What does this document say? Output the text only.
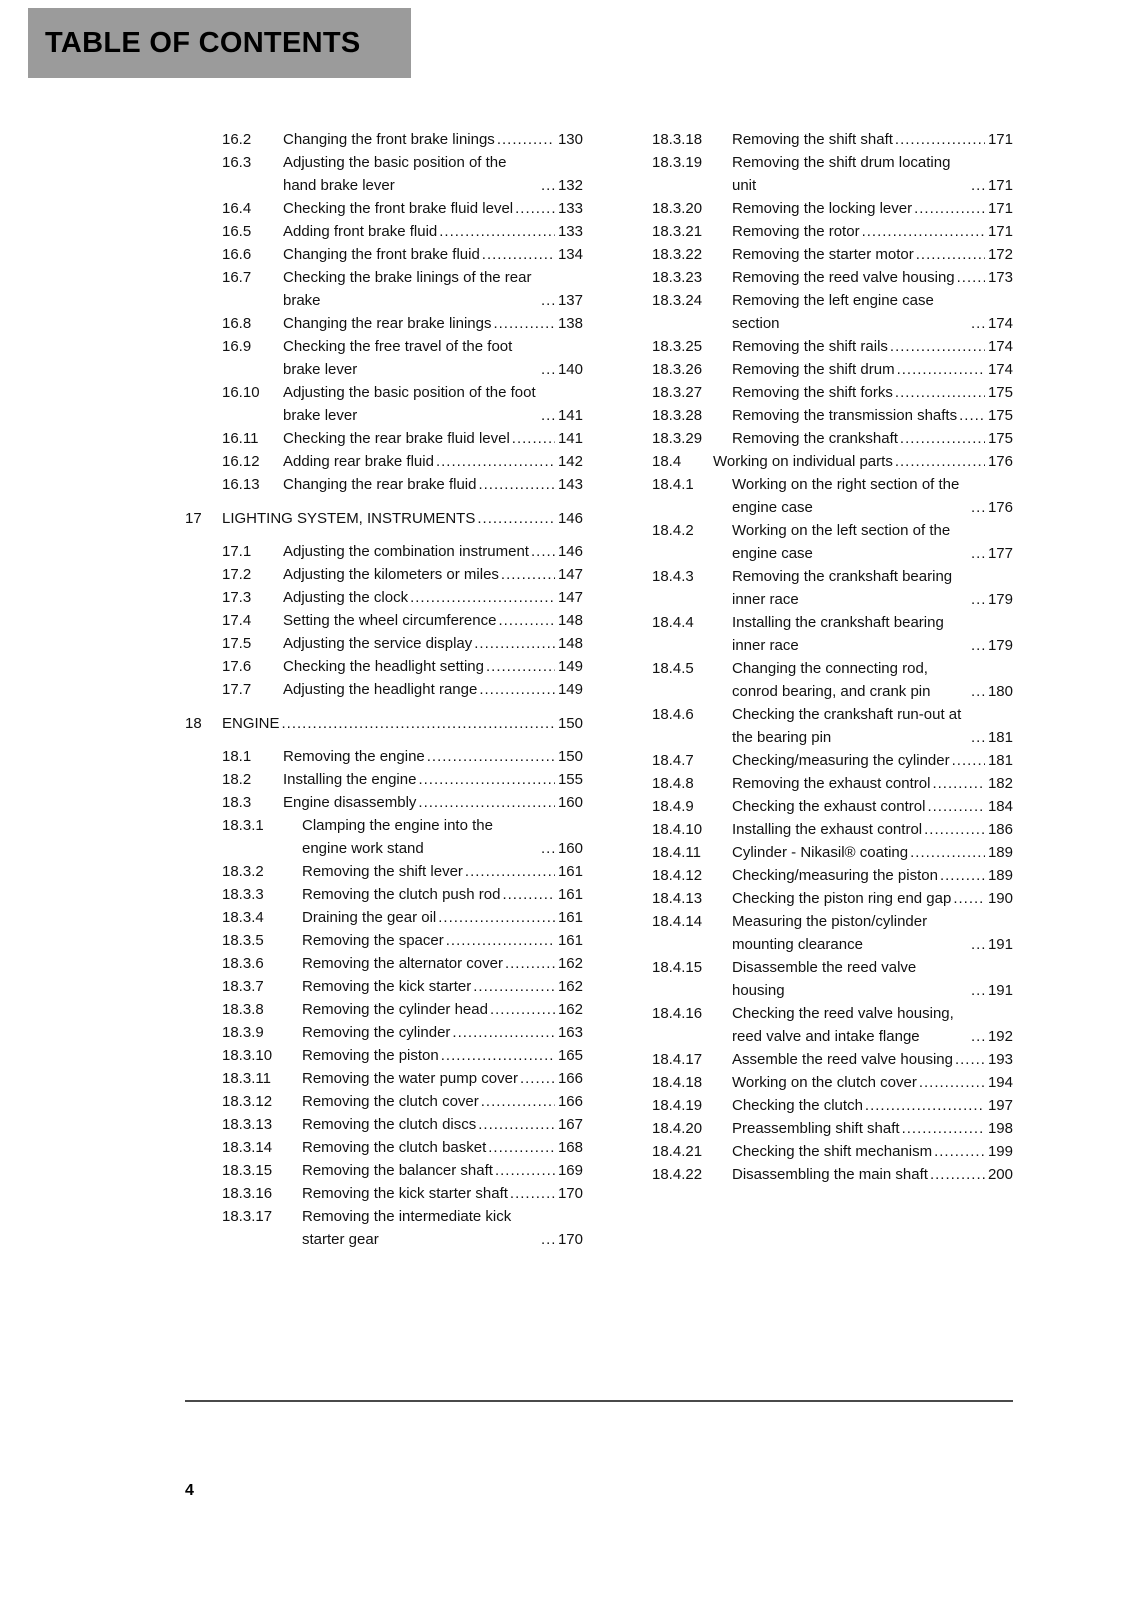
TABLE OF CONTENTS
16.2	Changing the front brake linings .....	130
16.3	Adjusting the basic position of the hand brake lever .....	132
16.4	Checking the front brake fluid level .....	133
16.5	Adding front brake fluid .....	133
16.6	Changing the front brake fluid .....	134
16.7	Checking the brake linings of the rear brake .....	137
16.8	Changing the rear brake linings .....	138
16.9	Checking the free travel of the foot brake lever .....	140
16.10	Adjusting the basic position of the foot brake lever .....	141
16.11	Checking the rear brake fluid level .....	141
16.12	Adding rear brake fluid .....	142
16.13	Changing the rear brake fluid .....	143
17	LIGHTING SYSTEM, INSTRUMENTS .....	146
17.1	Adjusting the combination instrument ..... 146
17.2	Adjusting the kilometers or miles .....	147
17.3	Adjusting the clock .....	147
17.4	Setting the wheel circumference .....	148
17.5	Adjusting the service display .....	148
17.6	Checking the headlight setting .....	149
17.7	Adjusting the headlight range .....	149
18	ENGINE .....	150
18.1	Removing the engine .....	150
18.2	Installing the engine .....	155
18.3	Engine disassembly .....	160
18.3.1	Clamping the engine into the engine work stand .....	160
18.3.2	Removing the shift lever .....	161
18.3.3	Removing the clutch push rod .....	161
18.3.4	Draining the gear oil .....	161
18.3.5	Removing the spacer .....	161
18.3.6	Removing the alternator cover .....	162
18.3.7	Removing the kick starter .....	162
18.3.8	Removing the cylinder head .....	162
18.3.9	Removing the cylinder .....	163
18.3.10	Removing the piston .....	165
18.3.11	Removing the water pump cover .....	166
18.3.12	Removing the clutch cover .....	166
18.3.13	Removing the clutch discs .....	167
18.3.14	Removing the clutch basket .....	168
18.3.15	Removing the balancer shaft .....	169
18.3.16	Removing the kick starter shaft .....	170
18.3.17	Removing the intermediate kick starter gear .....	170
18.3.18	Removing the shift shaft .....	171
18.3.19	Removing the shift drum locating unit .....	171
18.3.20	Removing the locking lever .....	171
18.3.21	Removing the rotor .....	171
18.3.22	Removing the starter motor .....	172
18.3.23	Removing the reed valve housing ..... 173
18.3.24	Removing the left engine case section .....	174
18.3.25	Removing the shift rails .....	174
18.3.26	Removing the shift drum .....	174
18.3.27	Removing the shift forks .....	175
18.3.28	Removing the transmission shafts ..... 175
18.3.29	Removing the crankshaft .....	175
18.4	Working on individual parts .....	176
18.4.1	Working on the right section of the engine case .....	176
18.4.2	Working on the left section of the engine case .....	177
18.4.3	Removing the crankshaft bearing inner race .....	179
18.4.4	Installing the crankshaft bearing inner race .....	179
18.4.5	Changing the connecting rod, conrod bearing, and crank pin .....	180
18.4.6	Checking the crankshaft run-out at the bearing pin .....	181
18.4.7	Checking/measuring the cylinder .....	181
18.4.8	Removing the exhaust control .....	182
18.4.9	Checking the exhaust control .....	184
18.4.10	Installing the exhaust control .....	186
18.4.11	Cylinder - Nikasil® coating .....	189
18.4.12	Checking/measuring the piston .....	189
18.4.13	Checking the piston ring end gap ..... 190
18.4.14	Measuring the piston/cylinder mounting clearance .....	191
18.4.15	Disassemble the reed valve housing .....	191
18.4.16	Checking the reed valve housing, reed valve and intake flange .....	192
18.4.17	Assemble the reed valve housing ..... 193
18.4.18	Working on the clutch cover .....	194
18.4.19	Checking the clutch .....	197
18.4.20	Preassembling shift shaft .....	198
18.4.21	Checking the shift mechanism .....	199
18.4.22	Disassembling the main shaft .....	200
4
